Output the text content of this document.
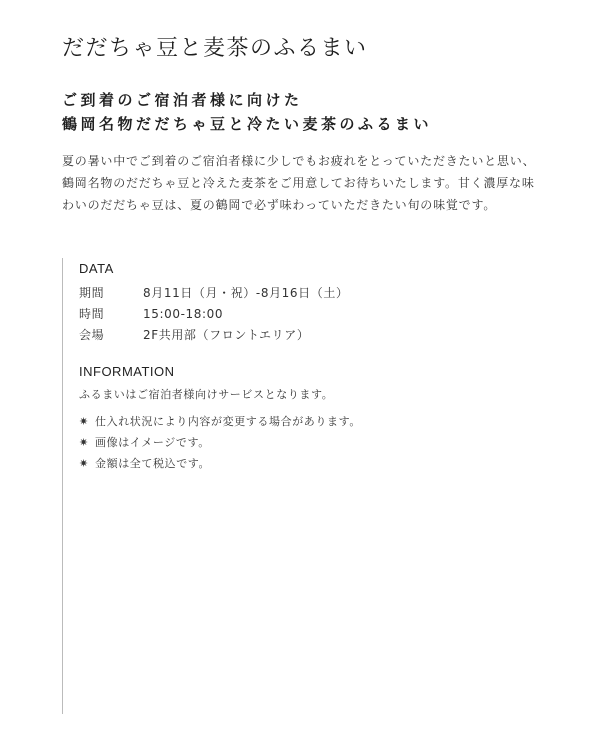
だだちゃ豆と麦茶のふるまい
ご到着のご宿泊者様に向けた
鶴岡名物だだちゃ豆と冷たい麦茶のふるまい

夏の暑い中でご到着のご宿泊者様に少しでもお疲れをとっていただきたいと思い、
鶴岡名物のだだちゃ豆と冷えた麦茶をご用意してお待ちいたします。甘く濃厚な味
わいのだだちゃ豆は、夏の鶴岡で必ず味わっていただきたい旬の味覚です。

DATA
期間	8月11日（月・祝）-8月16日（土）
時間	15:00-18:00
会場	2F共用部（フロントエリア）
INFORMATION

ふるまいはご宿泊者様向けサービスとなります。

✷ 仕入れ状況により内容が変更する場合があります。
✷ 画像はイメージです。
✷ 金額は全て税込です。
